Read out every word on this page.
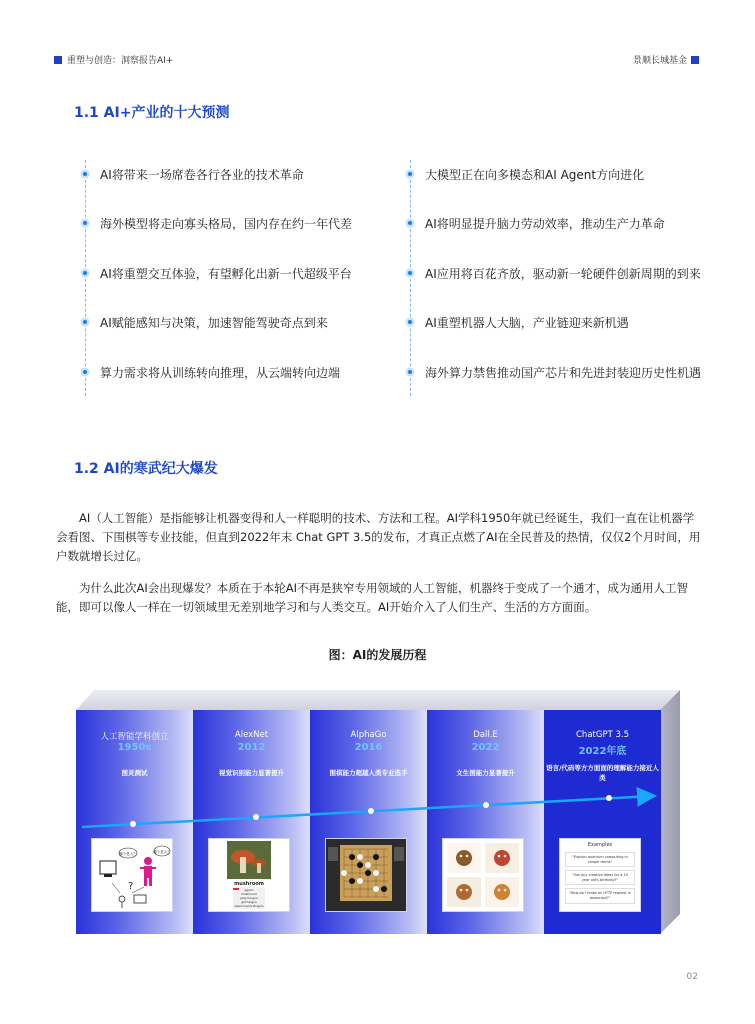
重塑与创造：洞察报告AI+	景顺长城基金
1.1 AI+产业的十大预测
AI将带来一场席卷各行各业的技术革命
海外模型将走向寡头格局，国内存在约一年代差
AI将重塑交互体验，有望孵化出新一代超级平台
AI赋能感知与决策，加速智能驾驶奇点到来
算力需求将从训练转向推理，从云端转向边端
大模型正在向多模态和AI Agent方向进化
AI将明显提升脑力劳动效率，推动生产力革命
AI应用将百花齐放，驱动新一轮硬件创新周期的到来
AI重塑机器人大脑，产业链迎来新机遇
海外算力禁售推动国产芯片和先进封装迎历史性机遇
1.2 AI的寒武纪大爆发

AI（人工智能）是指能够让机器变得和人一样聪明的技术、方法和工程。AI学科1950年就已经诞生，我们一直在让机器学会看图、下围棋等专业技能，但直到2022年末 Chat GPT 3.5的发布，才真正点燃了AI在全民普及的热情，仅仅2个月时间，用户数就增长过亿。

为什么此次AI会出现爆发？本质在于本轮AI不再是狭窄专用领域的人工智能，机器终于变成了一个通才，成为通用人工智能，即可以像人一样在一切领域里无差别地学习和与人类交互。AI开始介入了人们生产、生活的方方面面。

图：AI的发展历程
人工智能学科创立
1950s
图灵测试
哪个是人？	哪个是人？
?
AlexNet
2012
视觉识别能力显著提升
mushroom
agaric
mushroom
jelly fungus
gill fungus
dead-man's-fingers
AlphaGo
2016
围棋能力超越人类专业选手
Dall.E
2022
文生图能力显著提升
ChatGPT 3.5
2022年底
语言/代码等方方面面的理解能力接近人类
Examples
"Explain quantum computing in simple terms"
"Got any creative ideas for a 10 year old's birthday?"
"How do I make an HTTP request in Javascript?"
02
